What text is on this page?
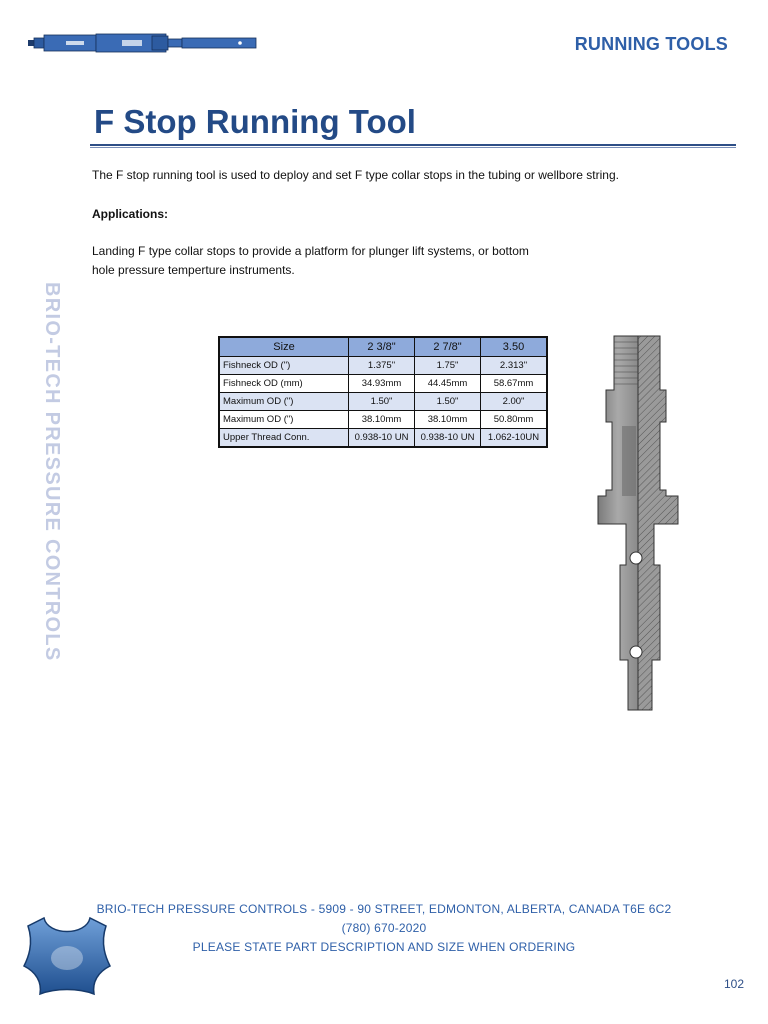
RUNNING TOOLS
F Stop Running Tool
BRIO-TECH PRESSURE CONTROLS
The F stop running tool is used to deploy and set F type collar stops in the tubing or wellbore string.
Applications:
Landing F type collar stops to provide a platform for plunger lift systems, or bottom
hole pressure temperture instruments.
Size	2 3/8"	2 7/8"	3.50
Fishneck OD (")	1.375"	1.75"	2.313"
Fishneck OD (mm)	34.93mm	44.45mm	58.67mm
Maximum OD (")	1.50"	1.50"	2.00"
Maximum OD (")	38.10mm	38.10mm	50.80mm
Upper Thread Conn.	0.938-10 UN	0.938-10 UN	1.062-10UN
BRIO-TECH PRESSURE CONTROLS - 5909 - 90 STREET, EDMONTON, ALBERTA, CANADA T6E 6C2
(780) 670-2020
PLEASE STATE PART DESCRIPTION AND SIZE WHEN ORDERING
102
